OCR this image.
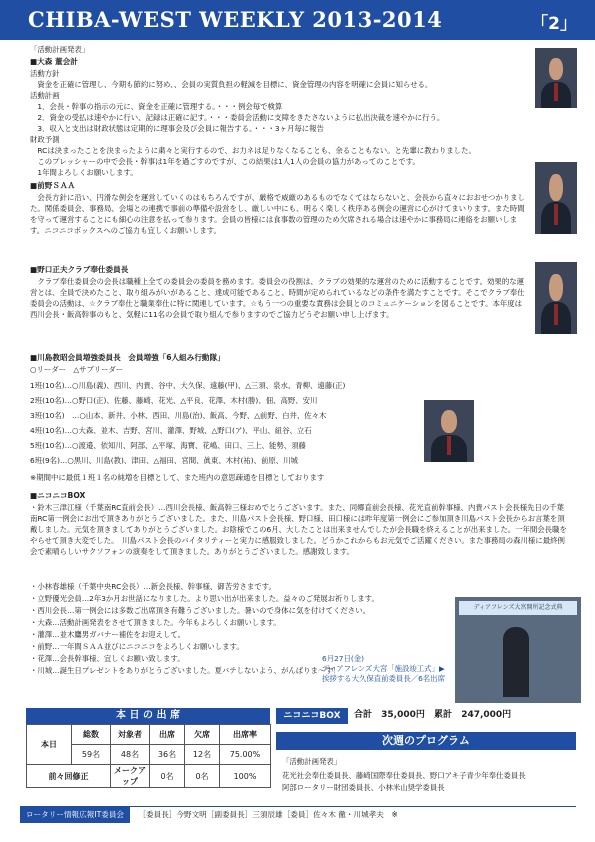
CHIBA-WEST WEEKLY 2013-2014	「2」
「活動計画発表」
■大森 董会計
活動方針
　資金を正確に管理し、今期も節約に努め、、会員の実質負担の軽減を目標に、資金管理の内容を明確に会員に知らせる。
活動計画
　1．会長・幹事の指示の元に、資金を正確に管理する。・・・例会毎で検算
　2．資金の受払は速やかに行い、記録は正確に記す。・・・委員会活動に支障をきたさないように払出決裁を速やかに行う。
　3．収入と支出は財政状態は定期的に理事会及び会員に報告する。・・・3ヶ月毎に報告
財政予測
　RCは決まったことを決まったように粛々と実行するので、お力ネは足りなくなることも、余ることもない。と先輩に教わりました。
　このプレッシャーの中で会長・幹事は1年を過ごすのですが、この結果は1人1人の会員の協力があってのことです。
　1年間よろしくお願いします。
■前野ＳＡＡ
　会長方針に沿い、円滑な例会を運営していくのはもちろんですが、厳格で威厳のあるものでなくてはならないと、会長から直々におおせつかりました。関係委員会、事務局、会場との連携で事前の準備や設営をし、厳しい中にも、明るく楽しく秩序ある例会の運営に心がけてまいります。また時間を守って運営することにも細心の注意を払って参ります。会員の皆様には食事数の管理のため欠席される場合は速やかに事務局に連絡をお願いします。ニコニコボックスへのご協力も宜しくお願いします。
■野口正夫クラブ奉仕委員長
　クラブ奉仕委員会の会長は職種上全ての委員会の委員を務めます。委員会の役割は、クラブの効果的な運営のために活動することです。効果的な運営とは、全員で決めたこと、取り組みがいがあること、達成可能であること、時間が定められているなどの条件を満たすことです。そこでクラブ奉仕委員会の活動は、☆クラブ奉仕と職業奉仕に特に関連しています。☆もう一つの重要な責務は会員とのコミュニケーションを図ることです。本年度は西川会長・飯高幹事のもと、気軽に11名の会員で取り組んで参りますのでご協力どうぞお願い申し上げます。
■川島教昭会員増強委員長　会員増強「6人組み行動隊」
○リーダー　△サブリーダー
1班(10名)…○川島(義)、西川、内貴、谷中、大久保、遠藤(甲)、△三須、泉水、青柳、遠藤(正)
2班(10名)…○野口(正)、佐藤、藤崎、花光、△平良、花澤、木村(勝)、佃、高野、安川
3班(10名)　…○山本、新井、小林、西田、川島(治)、飯高、今野、△前野、白井、佐々木
4班(10名)…○大森、並木、吉野、宮川、灌澤、野城、△野口(ア)、平山、紐谷、立石
5班(10名)…○渡邉、依知川、阿部、△平塚、海寶、花嶋、田口、三上、能勢、須藤
6班(9名)…○黒川、川島(教)、津田、△福田、宮間、眞東、木村(祐)、前原、川城
※期間中に最低１班１名の純増を目標として、また班内の意思疎通を目標としております
■ニコニコBOX
・鈴木三津江様（千葉南RC直前会長）…西川会長様、飯高幹三様おめでとうございます。また、同郷直前会長様、花光直前幹事様、内貴パスト会長様先日の千葉南RC第一例会にお出で頂きありがとうございました。また、川島パスト会長様、野口様、田口様には昨年度第一例会にご参加頂き川島パスト会長からお言葉を頂戴しました。元気を頂きましてありがとうございました。お陰様でこの6月、大したことは出来ませんでしたが会長職を終えることが出来ました。一年間会長職をやらせて頂き大変でした。　川島パスト会長のバイタリティーと実力に感服致しました。どうかこれからもお元気でご活躍ください。また事務局の森川様に最終例会で素晴らしいサクソフォンの演奏をして頂きました。ありがとうございました。感謝致します。
・小林春雄様（千葉中央RC会長）…新会長様、幹事様、御苦労さまです。
・立野優光会員…2年3か月お世話になりました。より思い出が出来ました。益々のご発展お祈りします。
・西川会長…第一例会には多数ご出席頂き有難うございました。暑いので身体に気を付けてください。
・大森…活動計画発表をさせて頂きました。今年もよろしくお願いします。
・灌澤…並木鷹男ガバナー補佐をお迎えして。
・前野…一年間ＳＡＡ並びにニコニコをよろしくお願いします。
・花澤…会長幹事様、宜しくお願い致します。
・川城…誕生日プレゼントをありがとうございました。夏バテしないよう、がんばりま〜す！
ディアフレンズ大宮開所記念式典
6月27日(金)
ディアフレンズ大宮「施設竣工式」▶
挨拶する大久保直前委員長／6名出席
本 日 の 出 席
本日	総数	対象者	出席	欠席	出席率
	59名	48名	36名	12名	75.00%
前々回修正		メークアップ	0名	0名	100%
ニコニコBOX	合計 35,000円 累計 247,000円
次週のプログラム
「活動計画発表」
花光社会奉仕委員長、藤崎国際奉仕委員長、野口アキ子青少年奉仕委員長
阿部ロータリー財団委員長、小林米山奨学委員長
ロータリー情報広報IT委員会 ［委員長］今野文明［副委員長］三須辰雄［委員］佐々木 徹・川城孝夫　※
